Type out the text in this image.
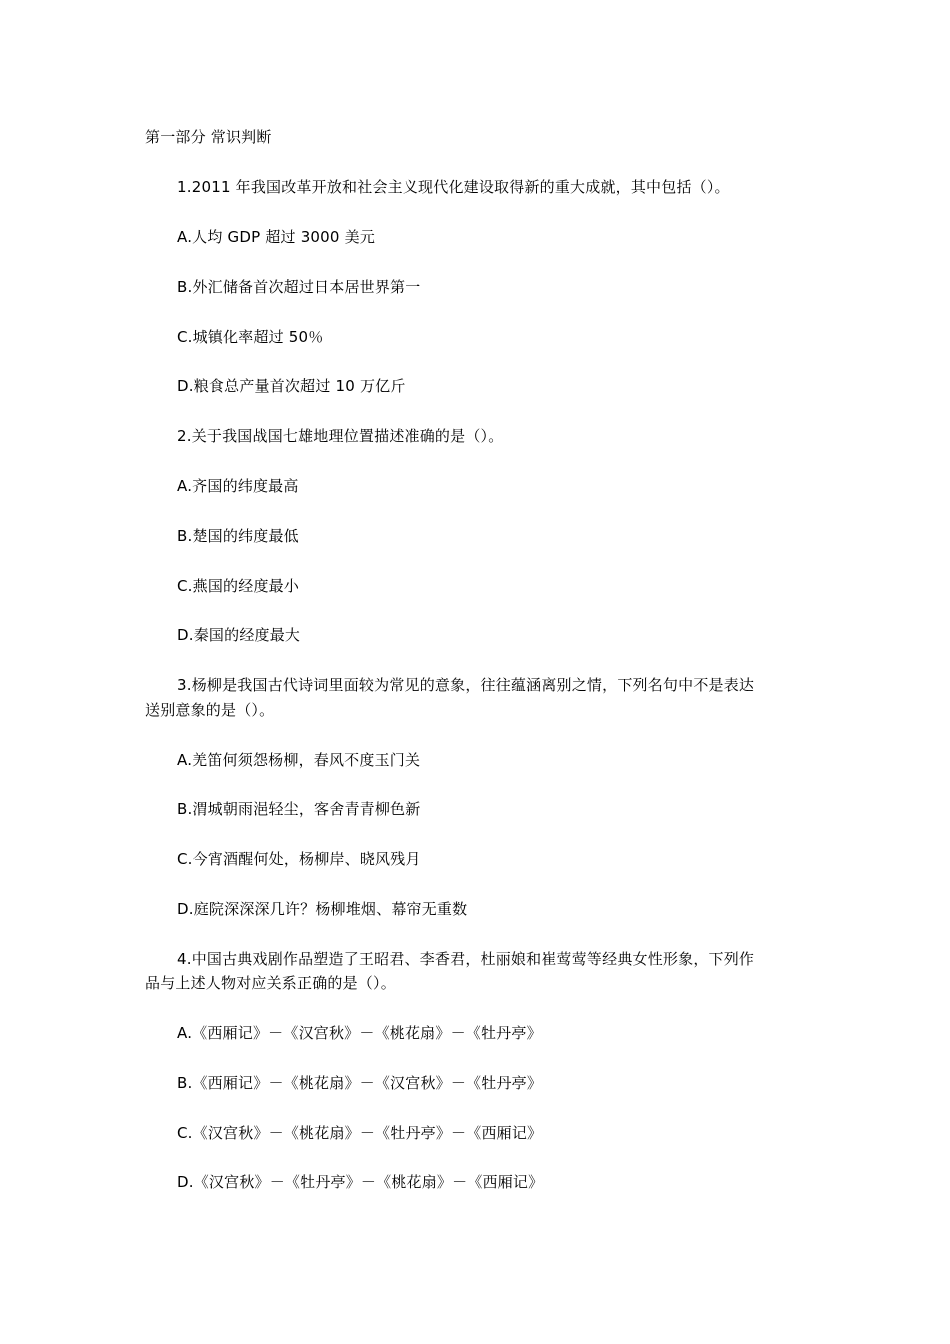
第一部分 常识判断
1.2011 年我国改革开放和社会主义现代化建设取得新的重大成就，其中包括（）。
A.人均 GDP 超过 3000 美元
B.外汇储备首次超过日本居世界第一
C.城镇化率超过 50％
D.粮食总产量首次超过 10 万亿斤
2.关于我国战国七雄地理位置描述准确的是（）。
A.齐国的纬度最高
B.楚国的纬度最低
C.燕国的经度最小
D.秦国的经度最大
3.杨柳是我国古代诗词里面较为常见的意象，往往蕴涵离别之情，下列名句中不是表达
送别意象的是（）。
A.羌笛何须怨杨柳，春风不度玉门关
B.渭城朝雨浥轻尘，客舍青青柳色新
C.今宵酒醒何处，杨柳岸、晓风残月
D.庭院深深深几许？杨柳堆烟、幕帘无重数
4.中国古典戏剧作品塑造了王昭君、李香君，杜丽娘和崔莺莺等经典女性形象，下列作
品与上述人物对应关系正确的是（）。
A.《西厢记》－《汉宫秋》－《桃花扇》－《牡丹亭》
B.《西厢记》－《桃花扇》－《汉宫秋》－《牡丹亭》
C.《汉宫秋》－《桃花扇》－《牡丹亭》－《西厢记》
D.《汉宫秋》－《牡丹亭》－《桃花扇》－《西厢记》
